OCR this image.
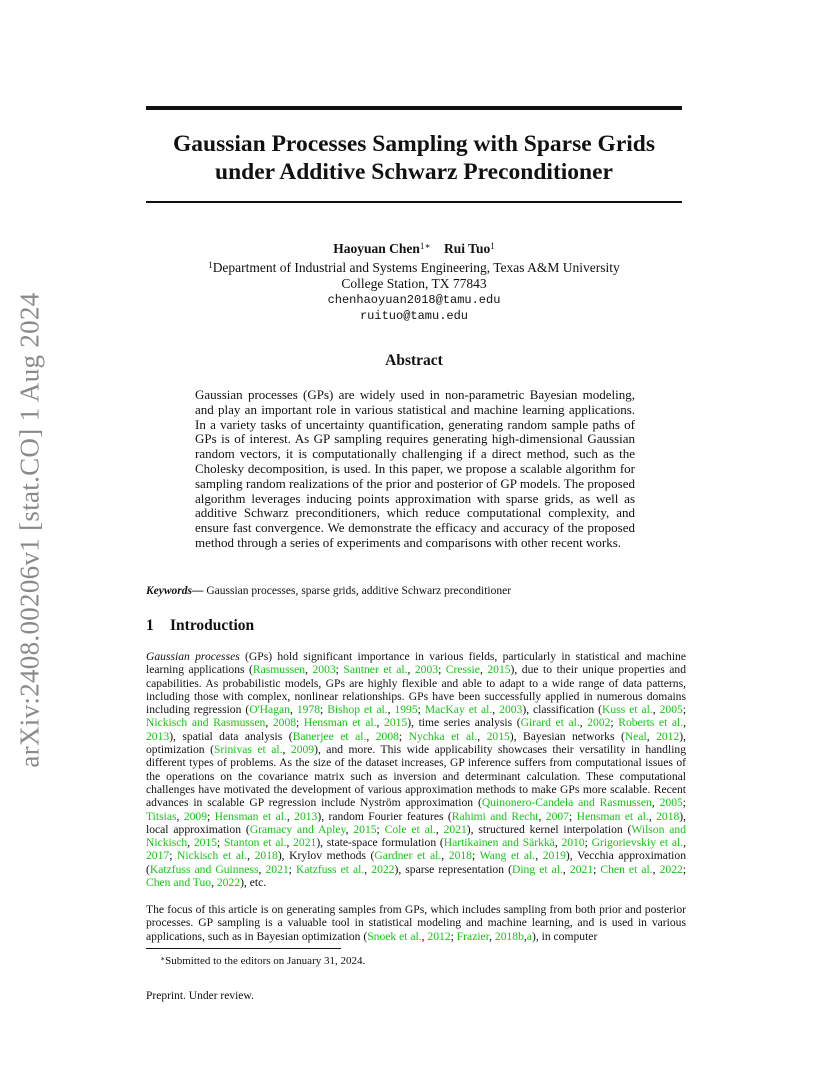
arXiv:2408.00206v1 [stat.CO] 1 Aug 2024
Gaussian Processes Sampling with Sparse Grids
under Additive Schwarz Preconditioner
Haoyuan Chen$^{1∗}$ Rui Tuo$^1$
$^1$Department of Industrial and Systems Engineering, Texas A&M University
College Station, TX 77843
chenhaoyuan2018@tamu.edu
ruituo@tamu.edu
Abstract
Gaussian processes (GPs) are widely used in non-parametric Bayesian modeling, and play an important role in various statistical and machine learning applications. In a variety tasks of uncertainty quantification, generating random sample paths of GPs is of interest. As GP sampling requires generating high-dimensional Gaussian random vectors, it is computationally challenging if a direct method, such as the Cholesky decomposition, is used. In this paper, we propose a scalable algorithm for sampling random realizations of the prior and posterior of GP models. The proposed algorithm leverages inducing points approximation with sparse grids, as well as additive Schwarz preconditioners, which reduce computational complexity, and ensure fast convergence. We demonstrate the efficacy and accuracy of the proposed method through a series of experiments and comparisons with other recent works.
Keywords— Gaussian processes, sparse grids, additive Schwarz preconditioner
1 Introduction
Gaussian processes (GPs) hold significant importance in various fields, particularly in statistical and machine learning applications (Rasmussen, 2003; Santner et al., 2003; Cressie, 2015), due to their unique properties and capabilities. As probabilistic models, GPs are highly flexible and able to adapt to a wide range of data patterns, including those with complex, nonlinear relationships. GPs have been successfully applied in numerous domains including regression (O'Hagan, 1978; Bishop et al., 1995; MacKay et al., 2003), classification (Kuss et al., 2005; Nickisch and Rasmussen, 2008; Hensman et al., 2015), time series analysis (Girard et al., 2002; Roberts et al., 2013), spatial data analysis (Banerjee et al., 2008; Nychka et al., 2015), Bayesian networks (Neal, 2012), optimization (Srinivas et al., 2009), and more. This wide applicability showcases their versatility in handling different types of problems. As the size of the dataset increases, GP inference suffers from computational issues of the operations on the covariance matrix such as inversion and determinant calculation. These computational challenges have motivated the development of various approximation methods to make GPs more scalable. Recent advances in scalable GP regression include Nyström approximation (Quinonero-Candela and Rasmussen, 2005; Titsias, 2009; Hensman et al., 2013), random Fourier features (Rahimi and Recht, 2007; Hensman et al., 2018), local approximation (Gramacy and Apley, 2015; Cole et al., 2021), structured kernel interpolation (Wilson and Nickisch, 2015; Stanton et al., 2021), state-space formulation (Hartikainen and Särkkä, 2010; Grigorievskiy et al., 2017; Nickisch et al., 2018), Krylov methods (Gardner et al., 2018; Wang et al., 2019), Vecchia approximation (Katzfuss and Guinness, 2021; Katzfuss et al., 2022), sparse representation (Ding et al., 2021; Chen et al., 2022; Chen and Tuo, 2022), etc.
The focus of this article is on generating samples from GPs, which includes sampling from both prior and posterior processes. GP sampling is a valuable tool in statistical modeling and machine learning, and is used in various applications, such as in Bayesian optimization (Snoek et al., 2012; Frazier, 2018b,a), in computer
∗Submitted to the editors on January 31, 2024.
Preprint. Under review.
